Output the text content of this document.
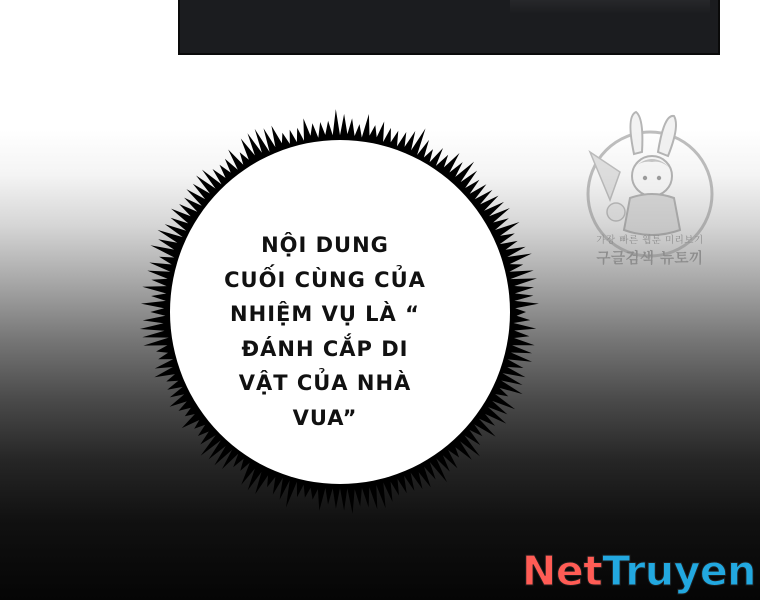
NỘI DUNG
CUỐI CÙNG CỦA
NHIỆM VỤ LÀ “
ĐÁNH CẮP DI
VẬT CỦA NHÀ
VUA”
가장 빠른 웹툰 미리보기
구글검색 뉴토끼
NetTruyen
